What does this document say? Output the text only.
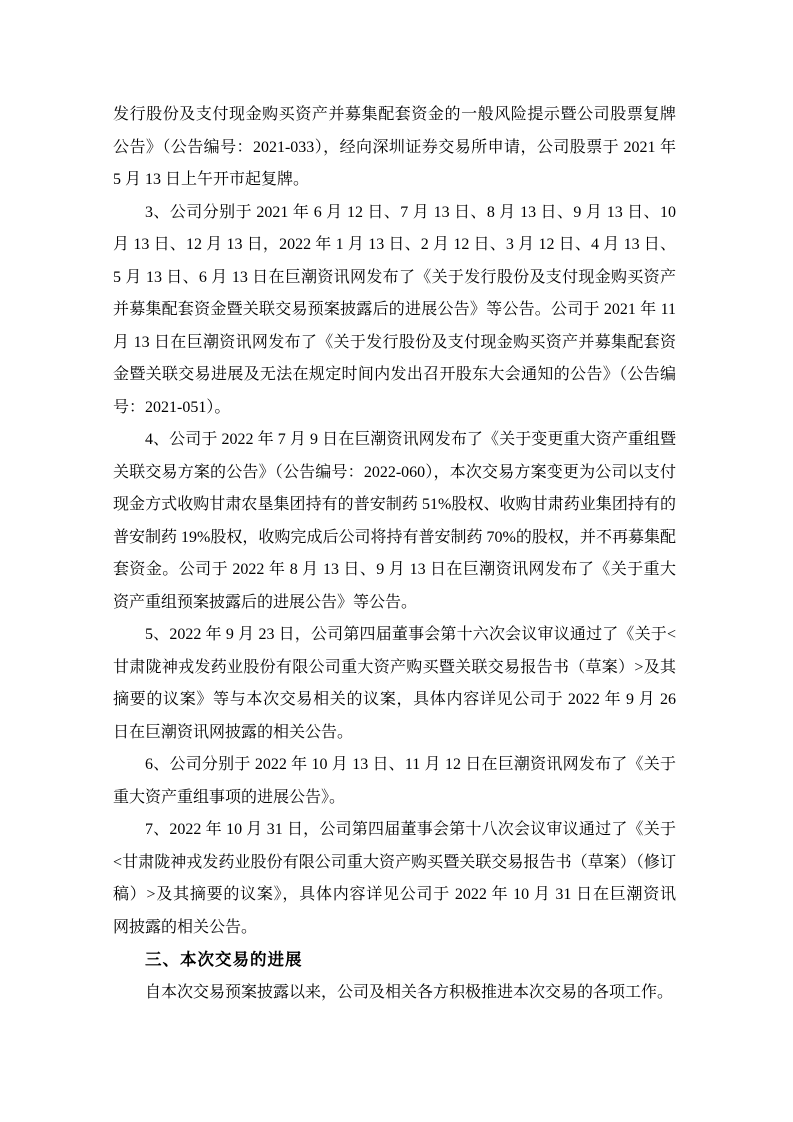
发行股份及支付现金购买资产并募集配套资金的一般风险提示暨公司股票复牌
公告》（公告编号：2021-033），经向深圳证券交易所申请，公司股票于 2021 年
5 月 13 日上午开市起复牌。
3、公司分别于 2021 年 6 月 12 日、7 月 13 日、8 月 13 日、9 月 13 日、10
月 13 日、12 月 13 日，2022 年 1 月 13 日、2 月 12 日、3 月 12 日、4 月 13 日、
5 月 13 日、6 月 13 日在巨潮资讯网发布了《关于发行股份及支付现金购买资产
并募集配套资金暨关联交易预案披露后的进展公告》等公告。公司于 2021 年 11
月 13 日在巨潮资讯网发布了《关于发行股份及支付现金购买资产并募集配套资
金暨关联交易进展及无法在规定时间内发出召开股东大会通知的公告》（公告编
号：2021-051）。
4、公司于 2022 年 7 月 9 日在巨潮资讯网发布了《关于变更重大资产重组暨
关联交易方案的公告》（公告编号：2022-060），本次交易方案变更为公司以支付
现金方式收购甘肃农垦集团持有的普安制药 51%股权、收购甘肃药业集团持有的
普安制药 19%股权，收购完成后公司将持有普安制药 70%的股权，并不再募集配
套资金。公司于 2022 年 8 月 13 日、9 月 13 日在巨潮资讯网发布了《关于重大
资产重组预案披露后的进展公告》等公告。
5、2022 年 9 月 23 日，公司第四届董事会第十六次会议审议通过了《关于<
甘肃陇神戎发药业股份有限公司重大资产购买暨关联交易报告书（草案）>及其
摘要的议案》等与本次交易相关的议案，具体内容详见公司于 2022 年 9 月 26
日在巨潮资讯网披露的相关公告。
6、公司分别于 2022 年 10 月 13 日、11 月 12 日在巨潮资讯网发布了《关于
重大资产重组事项的进展公告》。
7、2022 年 10 月 31 日，公司第四届董事会第十八次会议审议通过了《关于
<甘肃陇神戎发药业股份有限公司重大资产购买暨关联交易报告书（草案）（修订
稿）>及其摘要的议案》，具体内容详见公司于 2022 年 10 月 31 日在巨潮资讯
网披露的相关公告。
三、本次交易的进展
自本次交易预案披露以来，公司及相关各方积极推进本次交易的各项工作。
